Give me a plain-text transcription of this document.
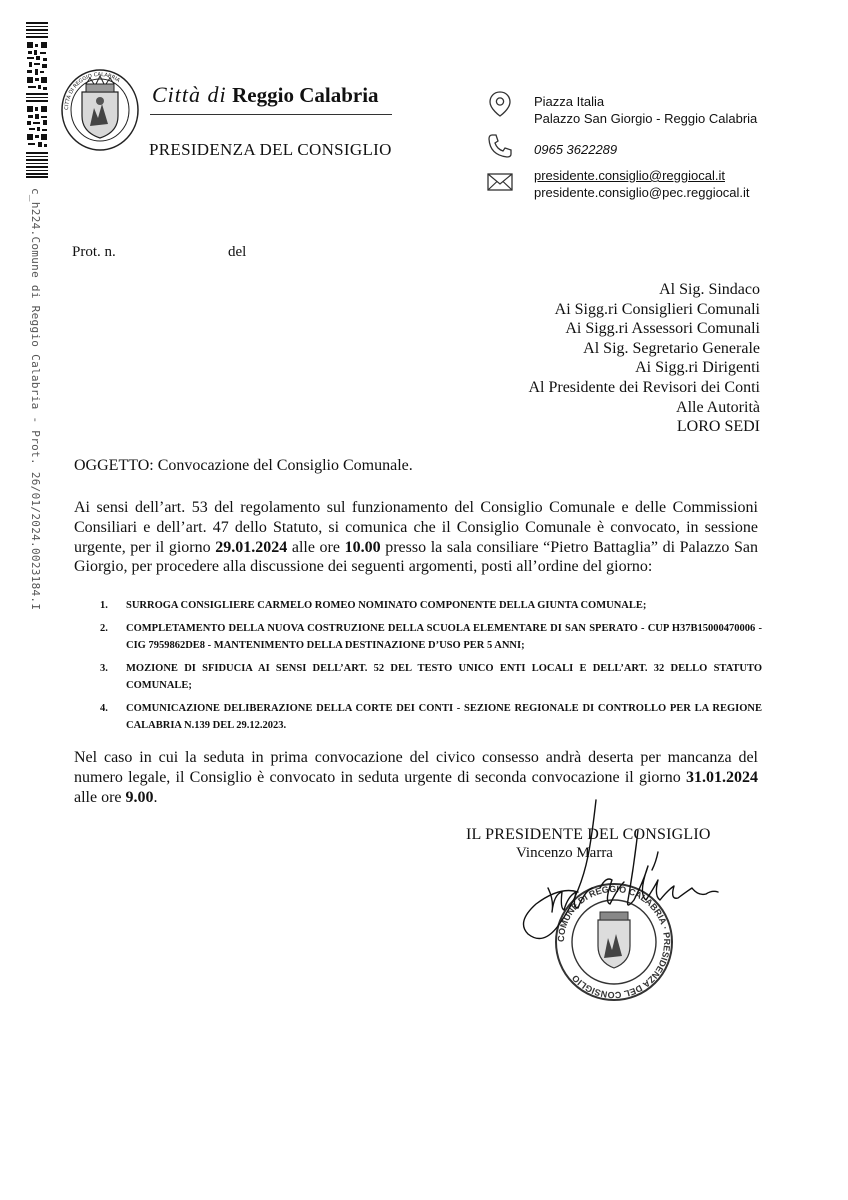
c_h224.Comune di Reggio Calabria - Prot. 26/01/2024.0023184.I
CITTÀ DI REGGIO CALABRIA
Città di Reggio Calabria
PRESIDENZA DEL CONSIGLIO
Piazza Italia
Palazzo San Giorgio - Reggio Calabria
0965 3622289
presidente.consiglio@reggiocal.it
presidente.consiglio@pec.reggiocal.it
Prot. n.	del
Al Sig. Sindaco
Ai Sigg.ri Consiglieri Comunali
Ai Sigg.ri Assessori Comunali
Al Sig. Segretario Generale
Ai Sigg.ri Dirigenti
Al Presidente dei Revisori dei Conti
Alle Autorità
LORO SEDI
OGGETTO: Convocazione del Consiglio Comunale.
Ai sensi dell’art. 53 del regolamento sul funzionamento del Consiglio Comunale e delle Commissioni Consiliari e dell’art. 47 dello Statuto, si comunica che il Consiglio Comunale è convocato, in sessione urgente, per il giorno 29.01.2024 alle ore 10.00 presso la sala consiliare “Pietro Battaglia” di Palazzo San Giorgio, per procedere alla discussione dei seguenti argomenti, posti all’ordine del giorno:
1. SURROGA CONSIGLIERE CARMELO ROMEO NOMINATO COMPONENTE DELLA GIUNTA COMUNALE;
2. COMPLETAMENTO DELLA NUOVA COSTRUZIONE DELLA SCUOLA ELEMENTARE DI SAN SPERATO - CUP H37B15000470006 - CIG 7959862DE8 - MANTENIMENTO DELLA DESTINAZIONE D’USO PER 5 ANNI;
3. MOZIONE DI SFIDUCIA AI SENSI DELL’ART. 52 DEL TESTO UNICO ENTI LOCALI E DELL’ART. 32 DELLO STATUTO COMUNALE;
4. COMUNICAZIONE DELIBERAZIONE DELLA CORTE DEI CONTI - SEZIONE REGIONALE DI CONTROLLO PER LA REGIONE CALABRIA N.139 DEL 29.12.2023.
Nel caso in cui la seduta in prima convocazione del civico consesso andrà deserta per mancanza del numero legale, il Consiglio è convocato in seduta urgente di seconda convocazione il giorno 31.01.2024 alle ore 9.00.
IL PRESIDENTE DEL CONSIGLIO
Vincenzo Marra
COMUNE DI REGGIO CALABRIA · PRESIDENZA DEL CONSIGLIO
